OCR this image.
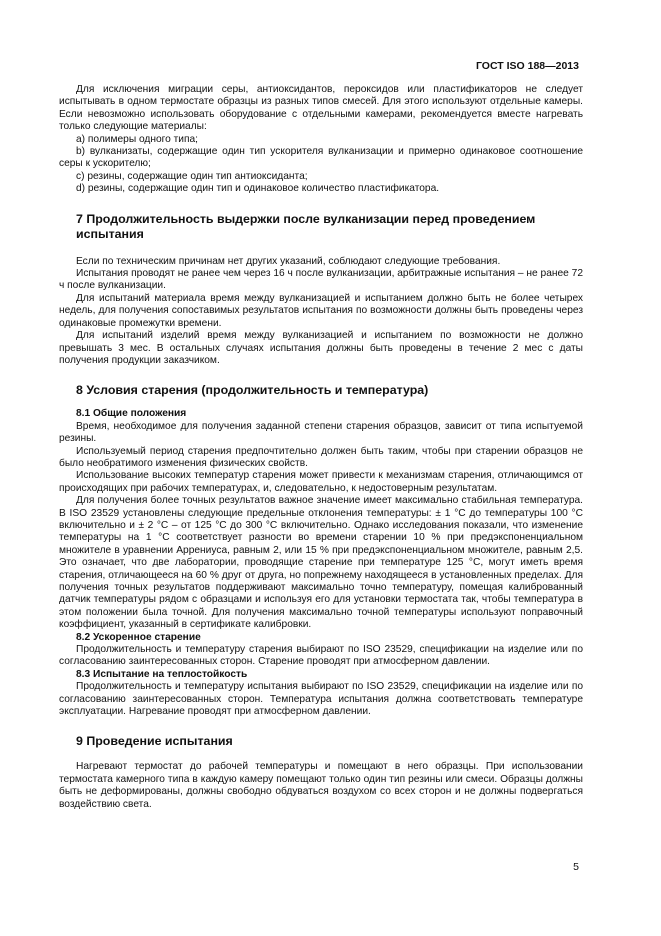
ГОСТ ISO 188—2013

Для исключения миграции серы, антиоксидантов, пероксидов или пластификаторов не следует испытывать в одном термостате образцы из разных типов смесей. Для этого используют отдельные камеры. Если невозможно использовать оборудование с отдельными камерами, рекомендуется вместе нагревать только следующие материалы:

a) полимеры одного типа;

b) вулканизаты, содержащие один тип ускорителя вулканизации и примерно одинаковое соотношение серы к ускорителю;

c) резины, содержащие один тип антиоксиданта;

d) резины, содержащие один тип и одинаковое количество пластификатора.

7 Продолжительность выдержки после вулканизации перед проведением испытания

Если по техническим причинам нет других указаний, соблюдают следующие требования.

Испытания проводят не ранее чем через 16 ч после вулканизации, арбитражные испытания – не ранее 72 ч после вулканизации.

Для испытаний материала время между вулканизацией и испытанием должно быть не более четырех недель, для получения сопоставимых результатов испытания по возможности должны быть проведены через одинаковые промежутки времени.

Для испытаний изделий время между вулканизацией и испытанием по возможности не должно превышать 3 мес. В остальных случаях испытания должны быть проведены в течение 2 мес с даты получения продукции заказчиком.

8 Условия старения (продолжительность и температура)
8.1 Общие положения

Время, необходимое для получения заданной степени старения образцов, зависит от типа испытуемой резины.

Используемый период старения предпочтительно должен быть таким, чтобы при старении образцов не было необратимого изменения физических свойств.

Использование высоких температур старения может привести к механизмам старения, отличающимся от происходящих при рабочих температурах, и, следовательно, к недостоверным результатам.

Для получения более точных результатов важное значение имеет максимально стабильная температура. В ISO 23529 установлены следующие предельные отклонения температуры: ± 1 °С до температуры 100 °С включительно и ± 2 °С – от 125 °С до 300 °С включительно. Однако исследования показали, что изменение температуры на 1 °С соответствует разности во времени старении 10 % при предэкспоненциальном множителе в уравнении Аррениуса, равным 2, или 15 % при предэкспоненциальном множителе, равным 2,5. Это означает, что две лаборатории, проводящие старение при температуре 125 °С, могут иметь время старения, отличающееся на 60 % друг от друга, но попрежнему находящееся в установленных пределах. Для получения точных результатов поддерживают максимально точно температуру, помещая калиброванный датчик температуры рядом с образцами и используя его для установки термостата так, чтобы температура в этом положении была точной. Для получения максимально точной температуры используют поправочный коэффициент, указанный в сертификате калибровки.

8.2 Ускоренное старение

Продолжительность и температуру старения выбирают по ISO 23529, спецификации на изделие или по согласованию заинтересованных сторон. Старение проводят при атмосферном давлении.

8.3 Испытание на теплостойкость

Продолжительность и температуру испытания выбирают по ISO 23529, спецификации на изделие или по согласованию заинтересованных сторон. Температура испытания должна соответствовать температуре эксплуатации. Нагревание проводят при атмосферном давлении.

9 Проведение испытания

Нагревают термостат до рабочей температуры и помещают в него образцы. При использовании термостата камерного типа в каждую камеру помещают только один тип резины или смеси. Образцы должны быть не деформированы, должны свободно обдуваться воздухом со всех сторон и не должны подвергаться воздействию света.

5
